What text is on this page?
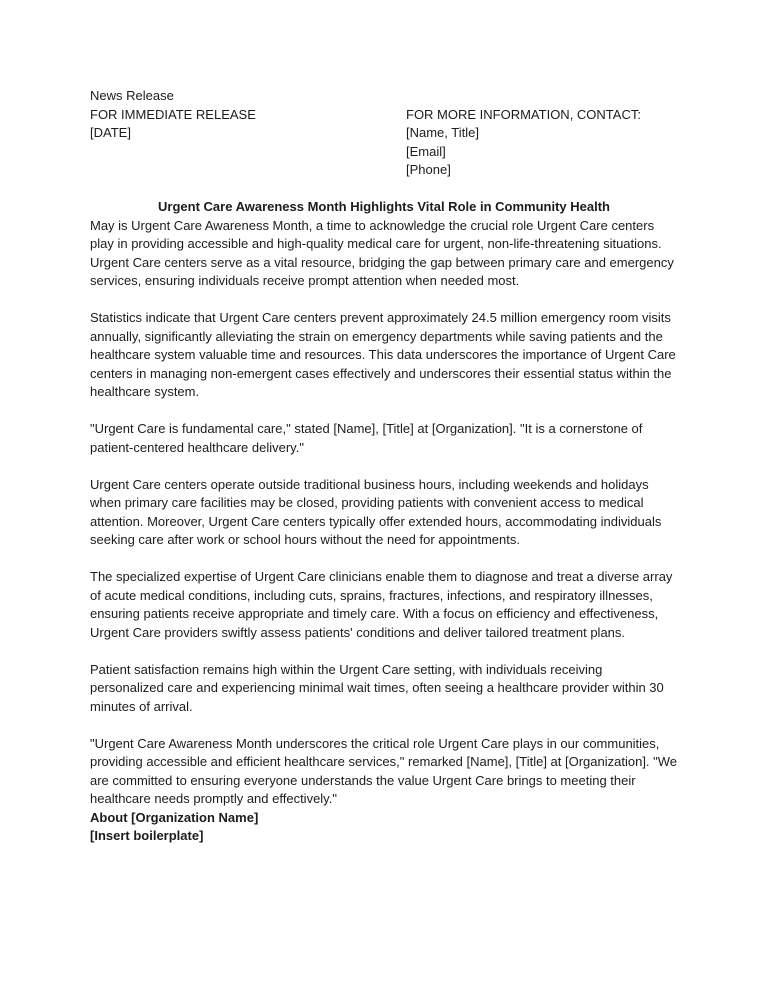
News Release

FOR IMMEDIATE RELEASE
[DATE]
FOR MORE INFORMATION, CONTACT:
[Name, Title]
[Email]
[Phone]
Urgent Care Awareness Month Highlights Vital Role in Community Health

May is Urgent Care Awareness Month, a time to acknowledge the crucial role Urgent Care centers play in providing accessible and high-quality medical care for urgent, non-life-threatening situations. Urgent Care centers serve as a vital resource, bridging the gap between primary care and emergency services, ensuring individuals receive prompt attention when needed most.

Statistics indicate that Urgent Care centers prevent approximately 24.5 million emergency room visits annually, significantly alleviating the strain on emergency departments while saving patients and the healthcare system valuable time and resources. This data underscores the importance of Urgent Care centers in managing non-emergent cases effectively and underscores their essential status within the healthcare system.

"Urgent Care is fundamental care," stated [Name], [Title] at [Organization]. "It is a cornerstone of patient-centered healthcare delivery."

Urgent Care centers operate outside traditional business hours, including weekends and holidays when primary care facilities may be closed, providing patients with convenient access to medical attention. Moreover, Urgent Care centers typically offer extended hours, accommodating individuals seeking care after work or school hours without the need for appointments.

The specialized expertise of Urgent Care clinicians enable them to diagnose and treat a diverse array of acute medical conditions, including cuts, sprains, fractures, infections, and respiratory illnesses, ensuring patients receive appropriate and timely care. With a focus on efficiency and effectiveness, Urgent Care providers swiftly assess patients' conditions and deliver tailored treatment plans.

Patient satisfaction remains high within the Urgent Care setting, with individuals receiving personalized care and experiencing minimal wait times, often seeing a healthcare provider within 30 minutes of arrival.

"Urgent Care Awareness Month underscores the critical role Urgent Care plays in our communities, providing accessible and efficient healthcare services," remarked [Name], [Title] at [Organization]. "We are committed to ensuring everyone understands the value Urgent Care brings to meeting their healthcare needs promptly and effectively."

About [Organization Name]

[Insert boilerplate]
